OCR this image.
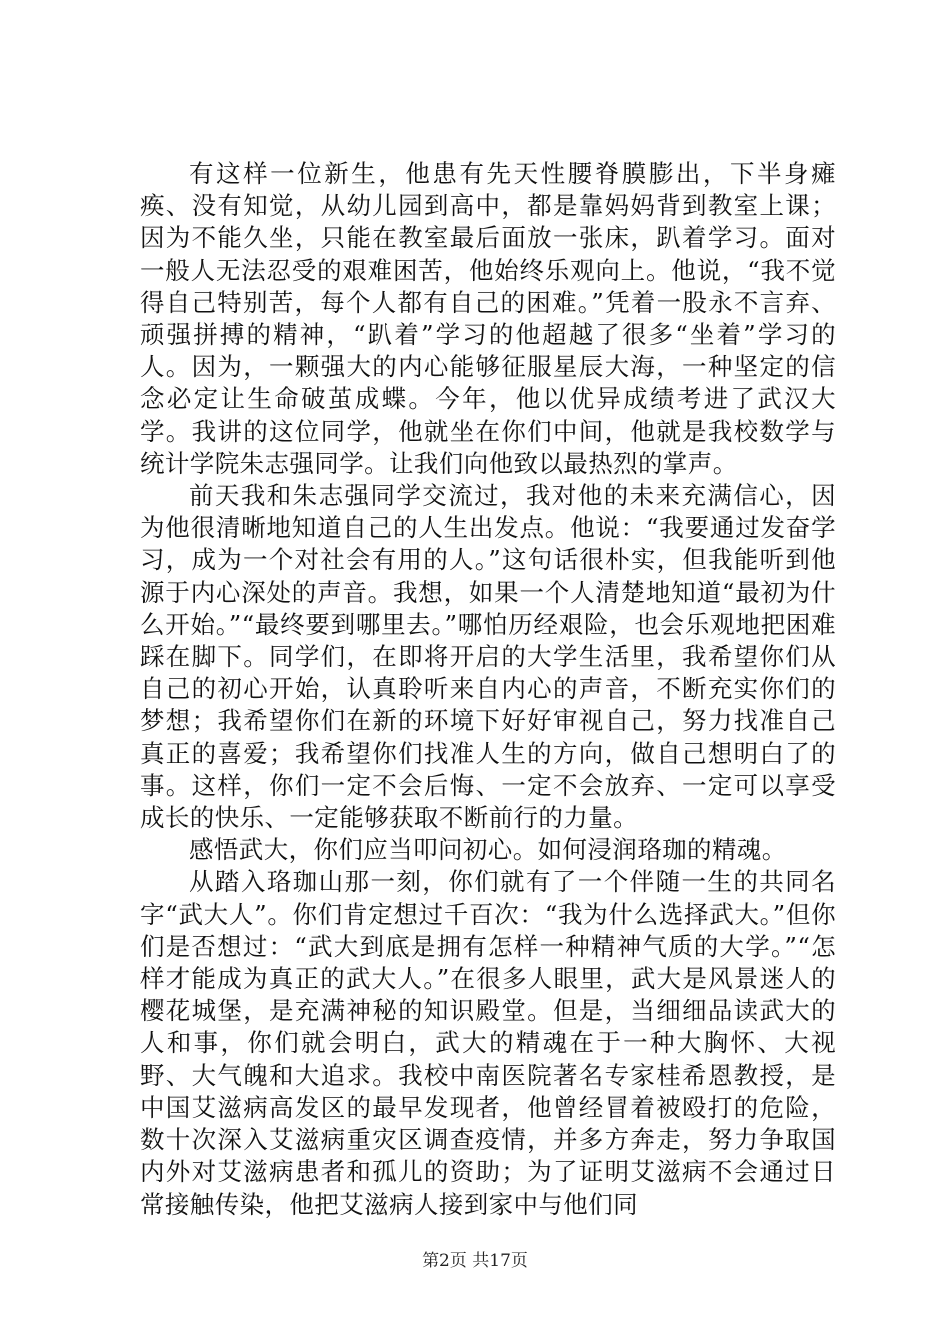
有这样一位新生，他患有先天性腰脊膜膨出，下半身瘫痪、没有知觉，从幼儿园到高中，都是靠妈妈背到教室上课；因为不能久坐，只能在教室最后面放一张床，趴着学习。面对一般人无法忍受的艰难困苦，他始终乐观向上。他说，“我不觉得自己特别苦，每个人都有自己的困难。”凭着一股永不言弃、顽强拼搏的精神，“趴着”学习的他超越了很多“坐着”学习的人。因为，一颗强大的内心能够征服星辰大海，一种坚定的信念必定让生命破茧成蝶。今年，他以优异成绩考进了武汉大学。我讲的这位同学，他就坐在你们中间，他就是我校数学与统计学院朱志强同学。让我们向他致以最热烈的掌声。

前天我和朱志强同学交流过，我对他的未来充满信心，因为他很清晰地知道自己的人生出发点。他说：“我要通过发奋学习，成为一个对社会有用的人。”这句话很朴实，但我能听到他源于内心深处的声音。我想，如果一个人清楚地知道“最初为什么开始。”“最终要到哪里去。”哪怕历经艰险，也会乐观地把困难踩在脚下。同学们，在即将开启的大学生活里，我希望你们从自己的初心开始，认真聆听来自内心的声音，不断充实你们的梦想；我希望你们在新的环境下好好审视自己，努力找准自己真正的喜爱；我希望你们找准人生的方向，做自己想明白了的事。这样，你们一定不会后悔、一定不会放弃、一定可以享受成长的快乐、一定能够获取不断前行的力量。

感悟武大，你们应当叩问初心。如何浸润珞珈的精魂。

从踏入珞珈山那一刻，你们就有了一个伴随一生的共同名字“武大人”。你们肯定想过千百次：“我为什么选择武大。”但你们是否想过：“武大到底是拥有怎样一种精神气质的大学。”“怎样才能成为真正的武大人。”在很多人眼里，武大是风景迷人的樱花城堡，是充满神秘的知识殿堂。但是，当细细品读武大的人和事，你们就会明白，武大的精魂在于一种大胸怀、大视野、大气魄和大追求。我校中南医院著名专家桂希恩教授，是中国艾滋病高发区的最早发现者，他曾经冒着被殴打的危险，数十次深入艾滋病重灾区调查疫情，并多方奔走，努力争取国内外对艾滋病患者和孤儿的资助；为了证明艾滋病不会通过日常接触传染，他把艾滋病人接到家中与他们同

第2页 共17页
